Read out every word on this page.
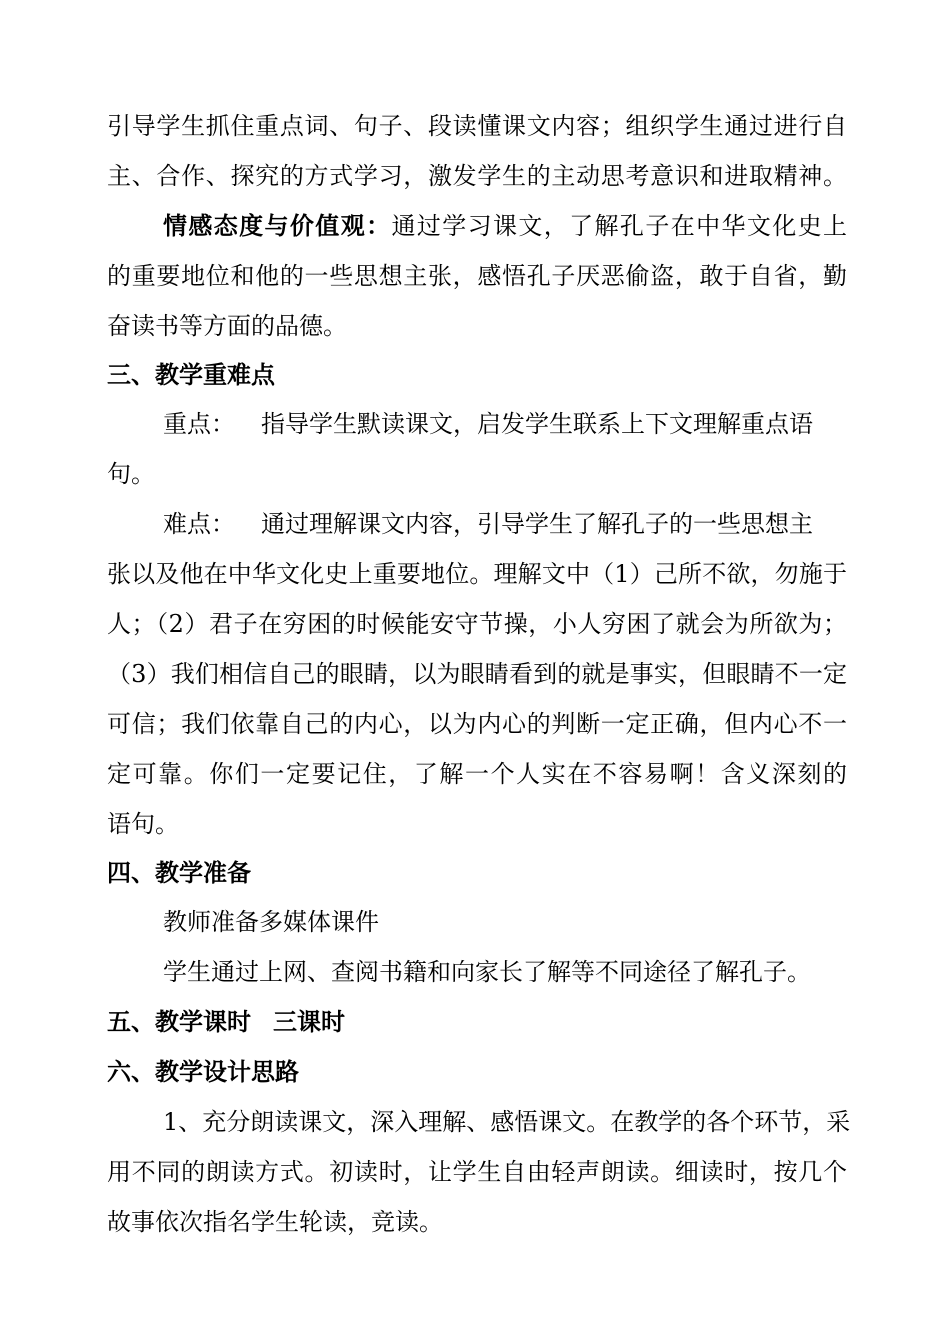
引导学生抓住重点词、句子、段读懂课文内容；组织学生通过进行自
主、合作、探究的方式学习，激发学生的主动思考意识和进取精神。
情感态度与价值观：通过学习课文，了解孔子在中华文化史上
的重要地位和他的一些思想主张，感悟孔子厌恶偷盗，敢于自省，勤
奋读书等方面的品德。
三、教学重难点
重点： 指导学生默读课文，启发学生联系上下文理解重点语
句。
难点： 通过理解课文内容，引导学生了解孔子的一些思想主
张以及他在中华文化史上重要地位。理解文中（1）己所不欲，勿施于
人；（2）君子在穷困的时候能安守节操，小人穷困了就会为所欲为；
（3）我们相信自己的眼睛，以为眼睛看到的就是事实，但眼睛不一定
可信；我们依靠自己的内心，以为内心的判断一定正确，但内心不一
定可靠。你们一定要记住，了解一个人实在不容易啊！含义深刻的
语句。
四、教学准备
教师准备多媒体课件
学生通过上网、查阅书籍和向家长了解等不同途径了解孔子。
五、教学课时 三课时
六、教学设计思路
1、充分朗读课文，深入理解、感悟课文。在教学的各个环节，采
用不同的朗读方式。初读时，让学生自由轻声朗读。细读时，按几个
故事依次指名学生轮读，竞读。
